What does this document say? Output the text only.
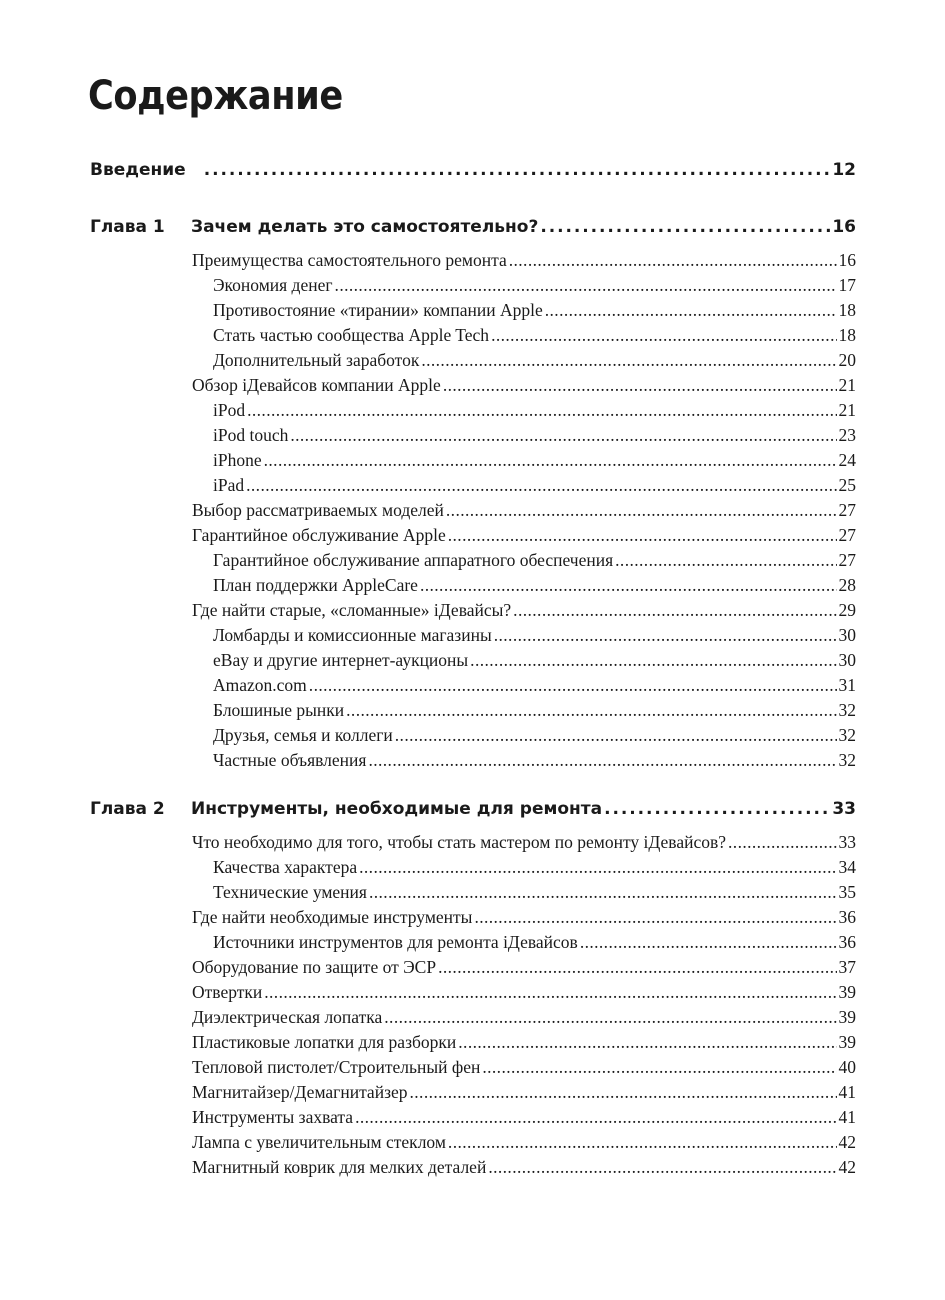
Содержание
Введение . . .	12
Глава 1	Зачем делать это самостоятельно? . . .	16
Преимущества самостоятельного ремонта .....	16
Экономия денег .....	17
Противостояние «тирании» компании Apple .....	18
Стать частью сообщества Apple Tech .....	18
Дополнительный заработок .....	20
Обзор iДевайсов компании Apple .....	21
iPod .....	21
iPod touch .....	23
iPhone .....	24
iPad .....	25
Выбор рассматриваемых моделей .....	27
Гарантийное обслуживание Apple .....	27
Гарантийное обслуживание аппаратного обеспечения .....	27
План поддержки AppleCare .....	28
Где найти старые, «сломанные» iДевайсы? .....	29
Ломбарды и комиссионные магазины .....	30
eBay и другие интернет-аукционы .....	30
Amazon.com .....	31
Блошиные рынки .....	32
Друзья, семья и коллеги .....	32
Частные объявления .....	32
Глава 2	Инструменты, необходимые для ремонта . . .	33
Что необходимо для того, чтобы стать мастером по ремонту iДевайсов? .....	33
Качества характера .....	34
Технические умения .....	35
Где найти необходимые инструменты .....	36
Источники инструментов для ремонта iДевайсов .....	36
Оборудование по защите от ЭСР .....	37
Отвертки .....	39
Диэлектрическая лопатка .....	39
Пластиковые лопатки для разборки .....	39
Тепловой пистолет/Строительный фен .....	40
Магнитайзер/Демагнитайзер .....	41
Инструменты захвата .....	41
Лампа с увеличительным стеклом .....	42
Магнитный коврик для мелких деталей .....	42
